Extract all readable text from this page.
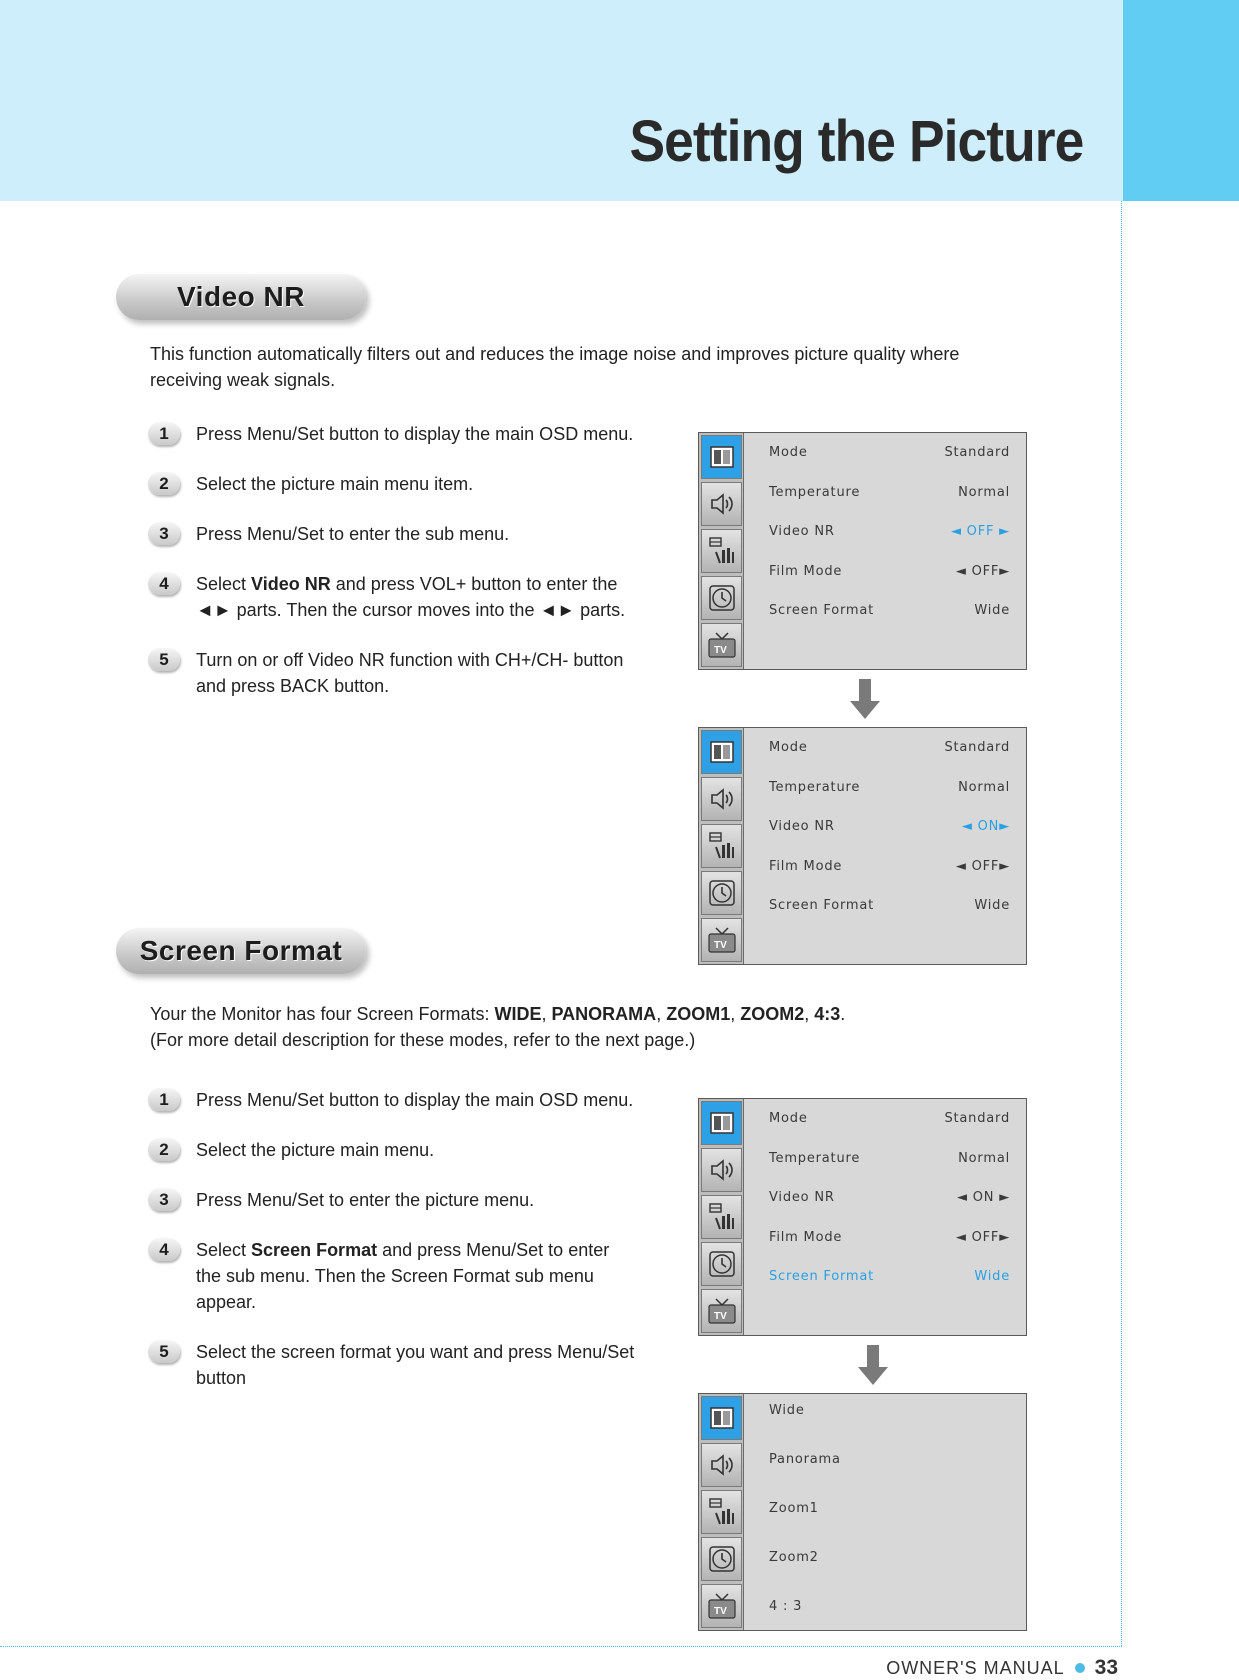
Setting the Picture
Video NR
This function automatically filters out and reduces the image noise and improves picture quality where receiving weak signals.
1	Press Menu/Set button to display the main OSD menu.
2	Select the picture main menu item.
3	Press Menu/Set to enter the sub menu.
4	Select Video NR and press VOL+ button to enter the ◄► parts. Then the cursor moves into the ◄► parts.
5	Turn on or off Video NR function with CH+/CH- button and press BACK button.
TV
Mode	Standard
Temperature	Normal
Video NR	◄ OFF ►
Film Mode	◄ OFF►
Screen Format	Wide
TV
Mode	Standard
Temperature	Normal
Video NR	◄ ON►
Film Mode	◄ OFF►
Screen Format	Wide
Screen Format
Your the Monitor has four Screen Formats: WIDE, PANORAMA, ZOOM1, ZOOM2, 4:3.
(For more detail description for these modes, refer to the next page.)
1	Press Menu/Set button to display the main OSD menu.
2	Select the picture main menu.
3	Press Menu/Set to enter the picture menu.
4	Select Screen Format and press Menu/Set to enter the sub menu. Then the Screen Format sub menu appear.
5	Select the screen format you want and press Menu/Set button
TV
Mode	Standard
Temperature	Normal
Video NR	◄ ON ►
Film Mode	◄ OFF►
Screen Format	Wide
TV
Wide
Panorama
Zoom1
Zoom2
4 : 3
OWNER'S MANUAL 33
